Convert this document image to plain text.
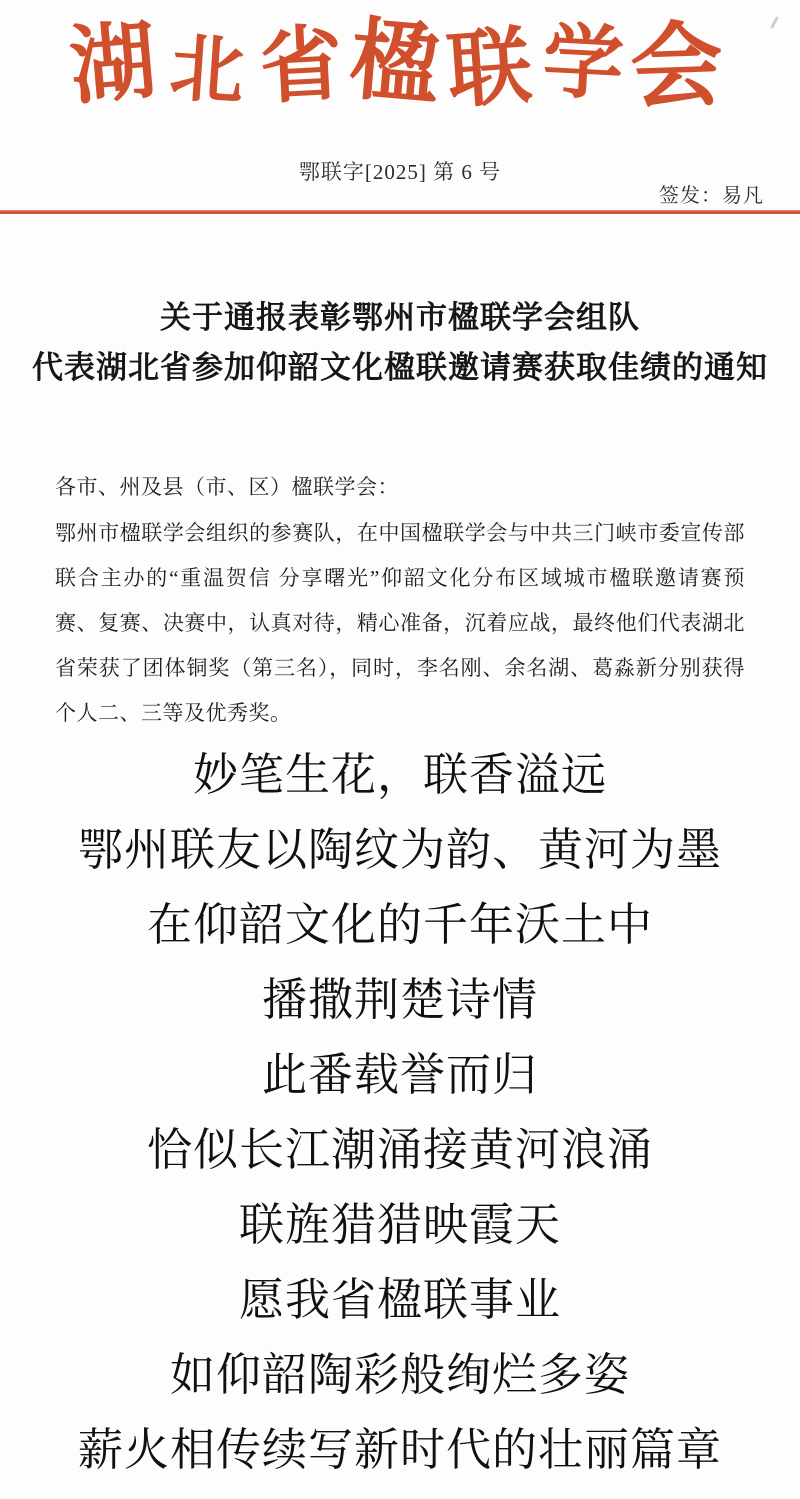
湖北省楹联学会
鄂联字[2025] 第 6 号
签发：易凡
关于通报表彰鄂州市楹联学会组队
代表湖北省参加仰韶文化楹联邀请赛获取佳绩的通知
各市、州及县（市、区）楹联学会：
鄂州市楹联学会组织的参赛队，在中国楹联学会与中共三门峡市委宣传部联合主办的“重温贺信 分享曙光”仰韶文化分布区域城市楹联邀请赛预赛、复赛、决赛中，认真对待，精心准备，沉着应战，最终他们代表湖北省荣获了团体铜奖（第三名），同时，李名刚、余名湖、葛淼新分别获得个人二、三等及优秀奖。
妙笔生花，联香溢远
鄂州联友以陶纹为韵、黄河为墨
在仰韶文化的千年沃土中
播撒荆楚诗情
此番载誉而归
恰似长江潮涌接黄河浪涌
联旌猎猎映霞天
愿我省楹联事业
如仰韶陶彩般绚烂多姿
薪火相传续写新时代的壮丽篇章
